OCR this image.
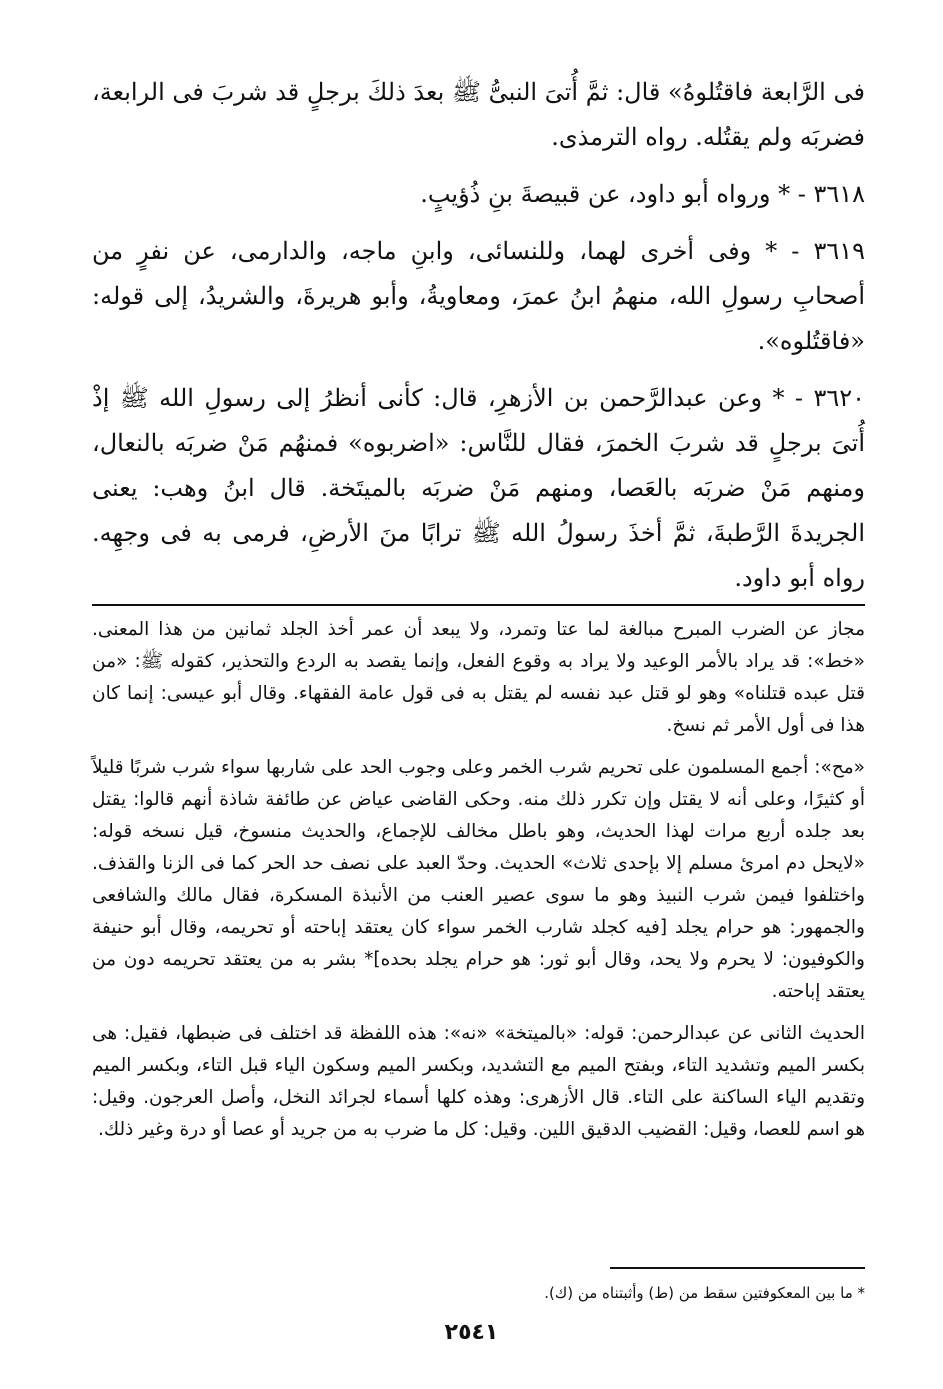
فى الرَّابعة فاقتُلوهُ» قال: ثمَّ أُتىَ النبىُّ ﷺ بعدَ ذلكَ برجلٍ قد شربَ فى الرابعة، فضربَه ولم يقتُله. رواه الترمذى.

٣٦١٨ - * ورواه أبو داود، عن قبيصةَ بنِ ذُؤيبٍ.

٣٦١٩ - * وفى أخرى لهما، وللنسائى، وابنِ ماجه، والدارمى، عن نفرٍ من أصحابِ رسولِ الله، منهمُ ابنُ عمرَ، ومعاويةُ، وأبو هريرةَ، والشريدُ، إلى قوله: «فاقتُلوه».

٣٦٢٠ - * وعن عبدالرَّحمن بن الأزهرِ، قال: كأنى أنظرُ إلى رسولِ الله ﷺ إذْ أُتىَ برجلٍ قد شربَ الخمرَ، فقال للنَّاس: «اضربوه» فمنهُم مَنْ ضربَه بالنعال، ومنهم مَنْ ضربَه بالعَصا، ومنهم مَنْ ضربَه بالميتَخة. قال ابنُ وهب: يعنى الجريدةَ الرَّطبةَ، ثمَّ أخذَ رسولُ الله ﷺ ترابًا منَ الأرضِ، فرمى به فى وجهِه. رواه أبو داود.

مجاز عن الضرب المبرح مبالغة لما عتا وتمرد، ولا يبعد أن عمر أخذ الجلد ثمانين من هذا المعنى. «خط»: قد يراد بالأمر الوعيد ولا يراد به وقوع الفعل، وإنما يقصد به الردع والتحذير، كقوله ﷺ: «من قتل عبده قتلناه» وهو لو قتل عبد نفسه لم يقتل به فى قول عامة الفقهاء. وقال أبو عيسى: إنما كان هذا فى أول الأمر ثم نسخ.

«مح»: أجمع المسلمون على تحريم شرب الخمر وعلى وجوب الحد على شاربها سواء شرب شربًا قليلاً أو كثيرًا، وعلى أنه لا يقتل وإن تكرر ذلك منه. وحكى القاضى عياض عن طائفة شاذة أنهم قالوا: يقتل بعد جلده أربع مرات لهذا الحديث، وهو باطل مخالف للإجماع، والحديث منسوخ، قيل نسخه قوله: «لايحل دم امرئ مسلم إلا بإحدى ثلاث» الحديث. وحدّ العبد على نصف حد الحر كما فى الزنا والقذف. واختلفوا فيمن شرب النبيذ وهو ما سوى عصير العنب من الأنبذة المسكرة، فقال مالك والشافعى والجمهور: هو حرام يجلد [فيه كجلد شارب الخمر سواء كان يعتقد إباحته أو تحريمه، وقال أبو حنيفة والكوفيون: لا يحرم ولا يحد، وقال أبو ثور: هو حرام يجلد بحده]* بشر به من يعتقد تحريمه دون من يعتقد إباحته.

الحديث الثانى عن عبدالرحمن: قوله: «بالميتخة» «نه»: هذه اللفظة قد اختلف فى ضبطها، فقيل: هى بكسر الميم وتشديد التاء، وبفتح الميم مع التشديد، وبكسر الميم وسكون الياء قبل التاء، وبكسر الميم وتقديم الياء الساكنة على التاء. قال الأزهرى: وهذه كلها أسماء لجرائد النخل، وأصل العرجون. وقيل: هو اسم للعصا، وقيل: القضيب الدقيق اللين. وقيل: كل ما ضرب به من جريد أو عصا أو درة وغير ذلك.

* ما بين المعكوفتين سقط من (ط) وأثبتناه من (ك).
٢٥٤١
